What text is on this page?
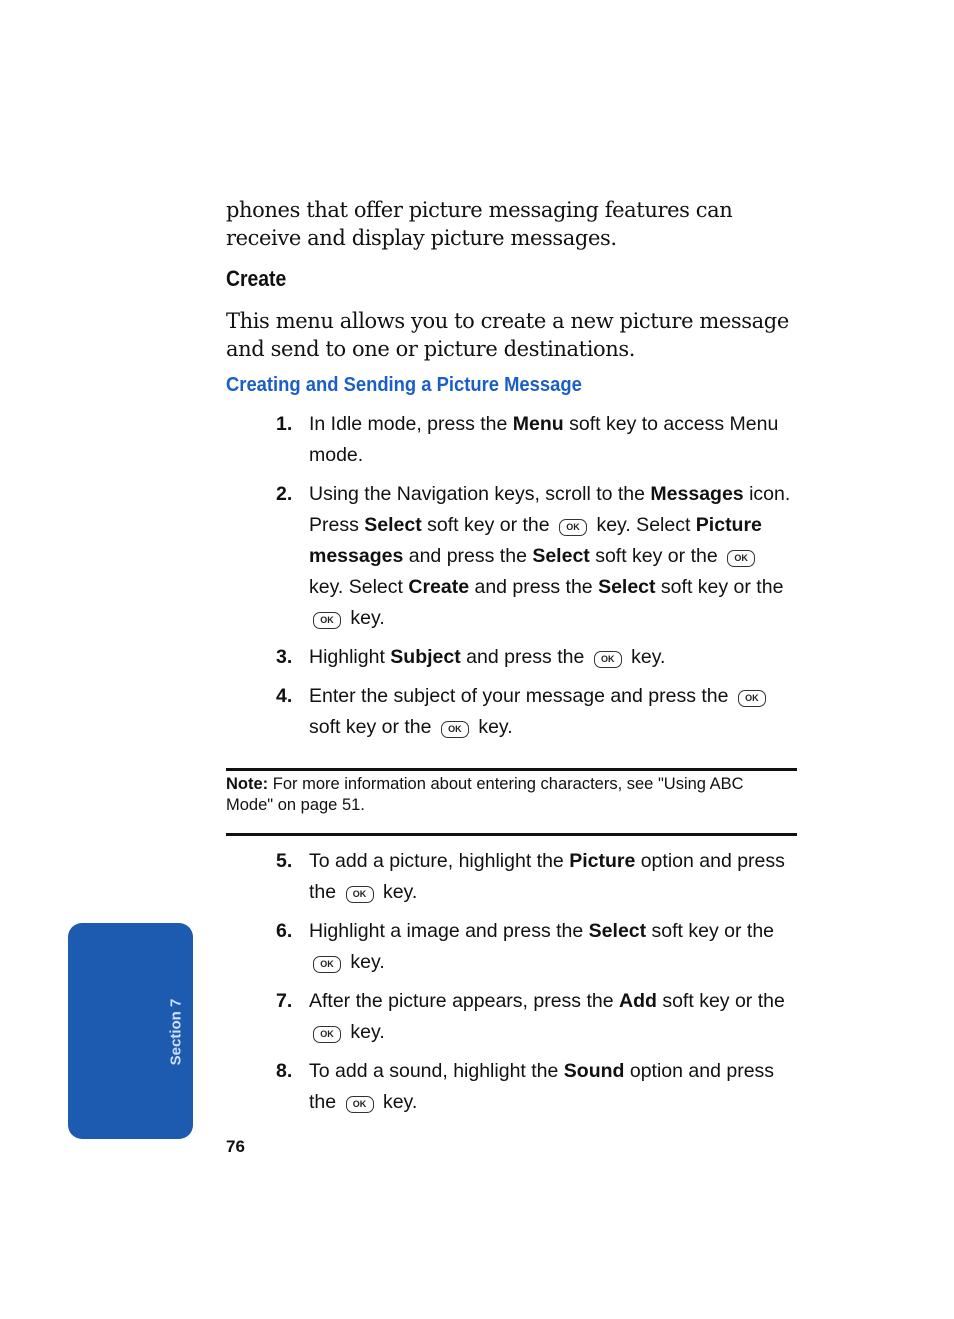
phones that offer picture messaging features can receive and display picture messages.
Create
This menu allows you to create a new picture message and send to one or picture destinations.
Creating and Sending a Picture Message
1. In Idle mode, press the Menu soft key to access Menu mode.
2. Using the Navigation keys, scroll to the Messages icon. Press Select soft key or the OK key. Select Picture messages and press the Select soft key or the OK key. Select Create and press the Select soft key or the OK key.
3. Highlight Subject and press the OK key.
4. Enter the subject of your message and press the OK soft key or the OK key.
Note: For more information about entering characters, see "Using ABC Mode" on page 51.
5. To add a picture, highlight the Picture option and press the OK key.
6. Highlight a image and press the Select soft key or the OK key.
7. After the picture appears, press the Add soft key or the OK key.
8. To add a sound, highlight the Sound option and press the OK key.
Section 7
76
